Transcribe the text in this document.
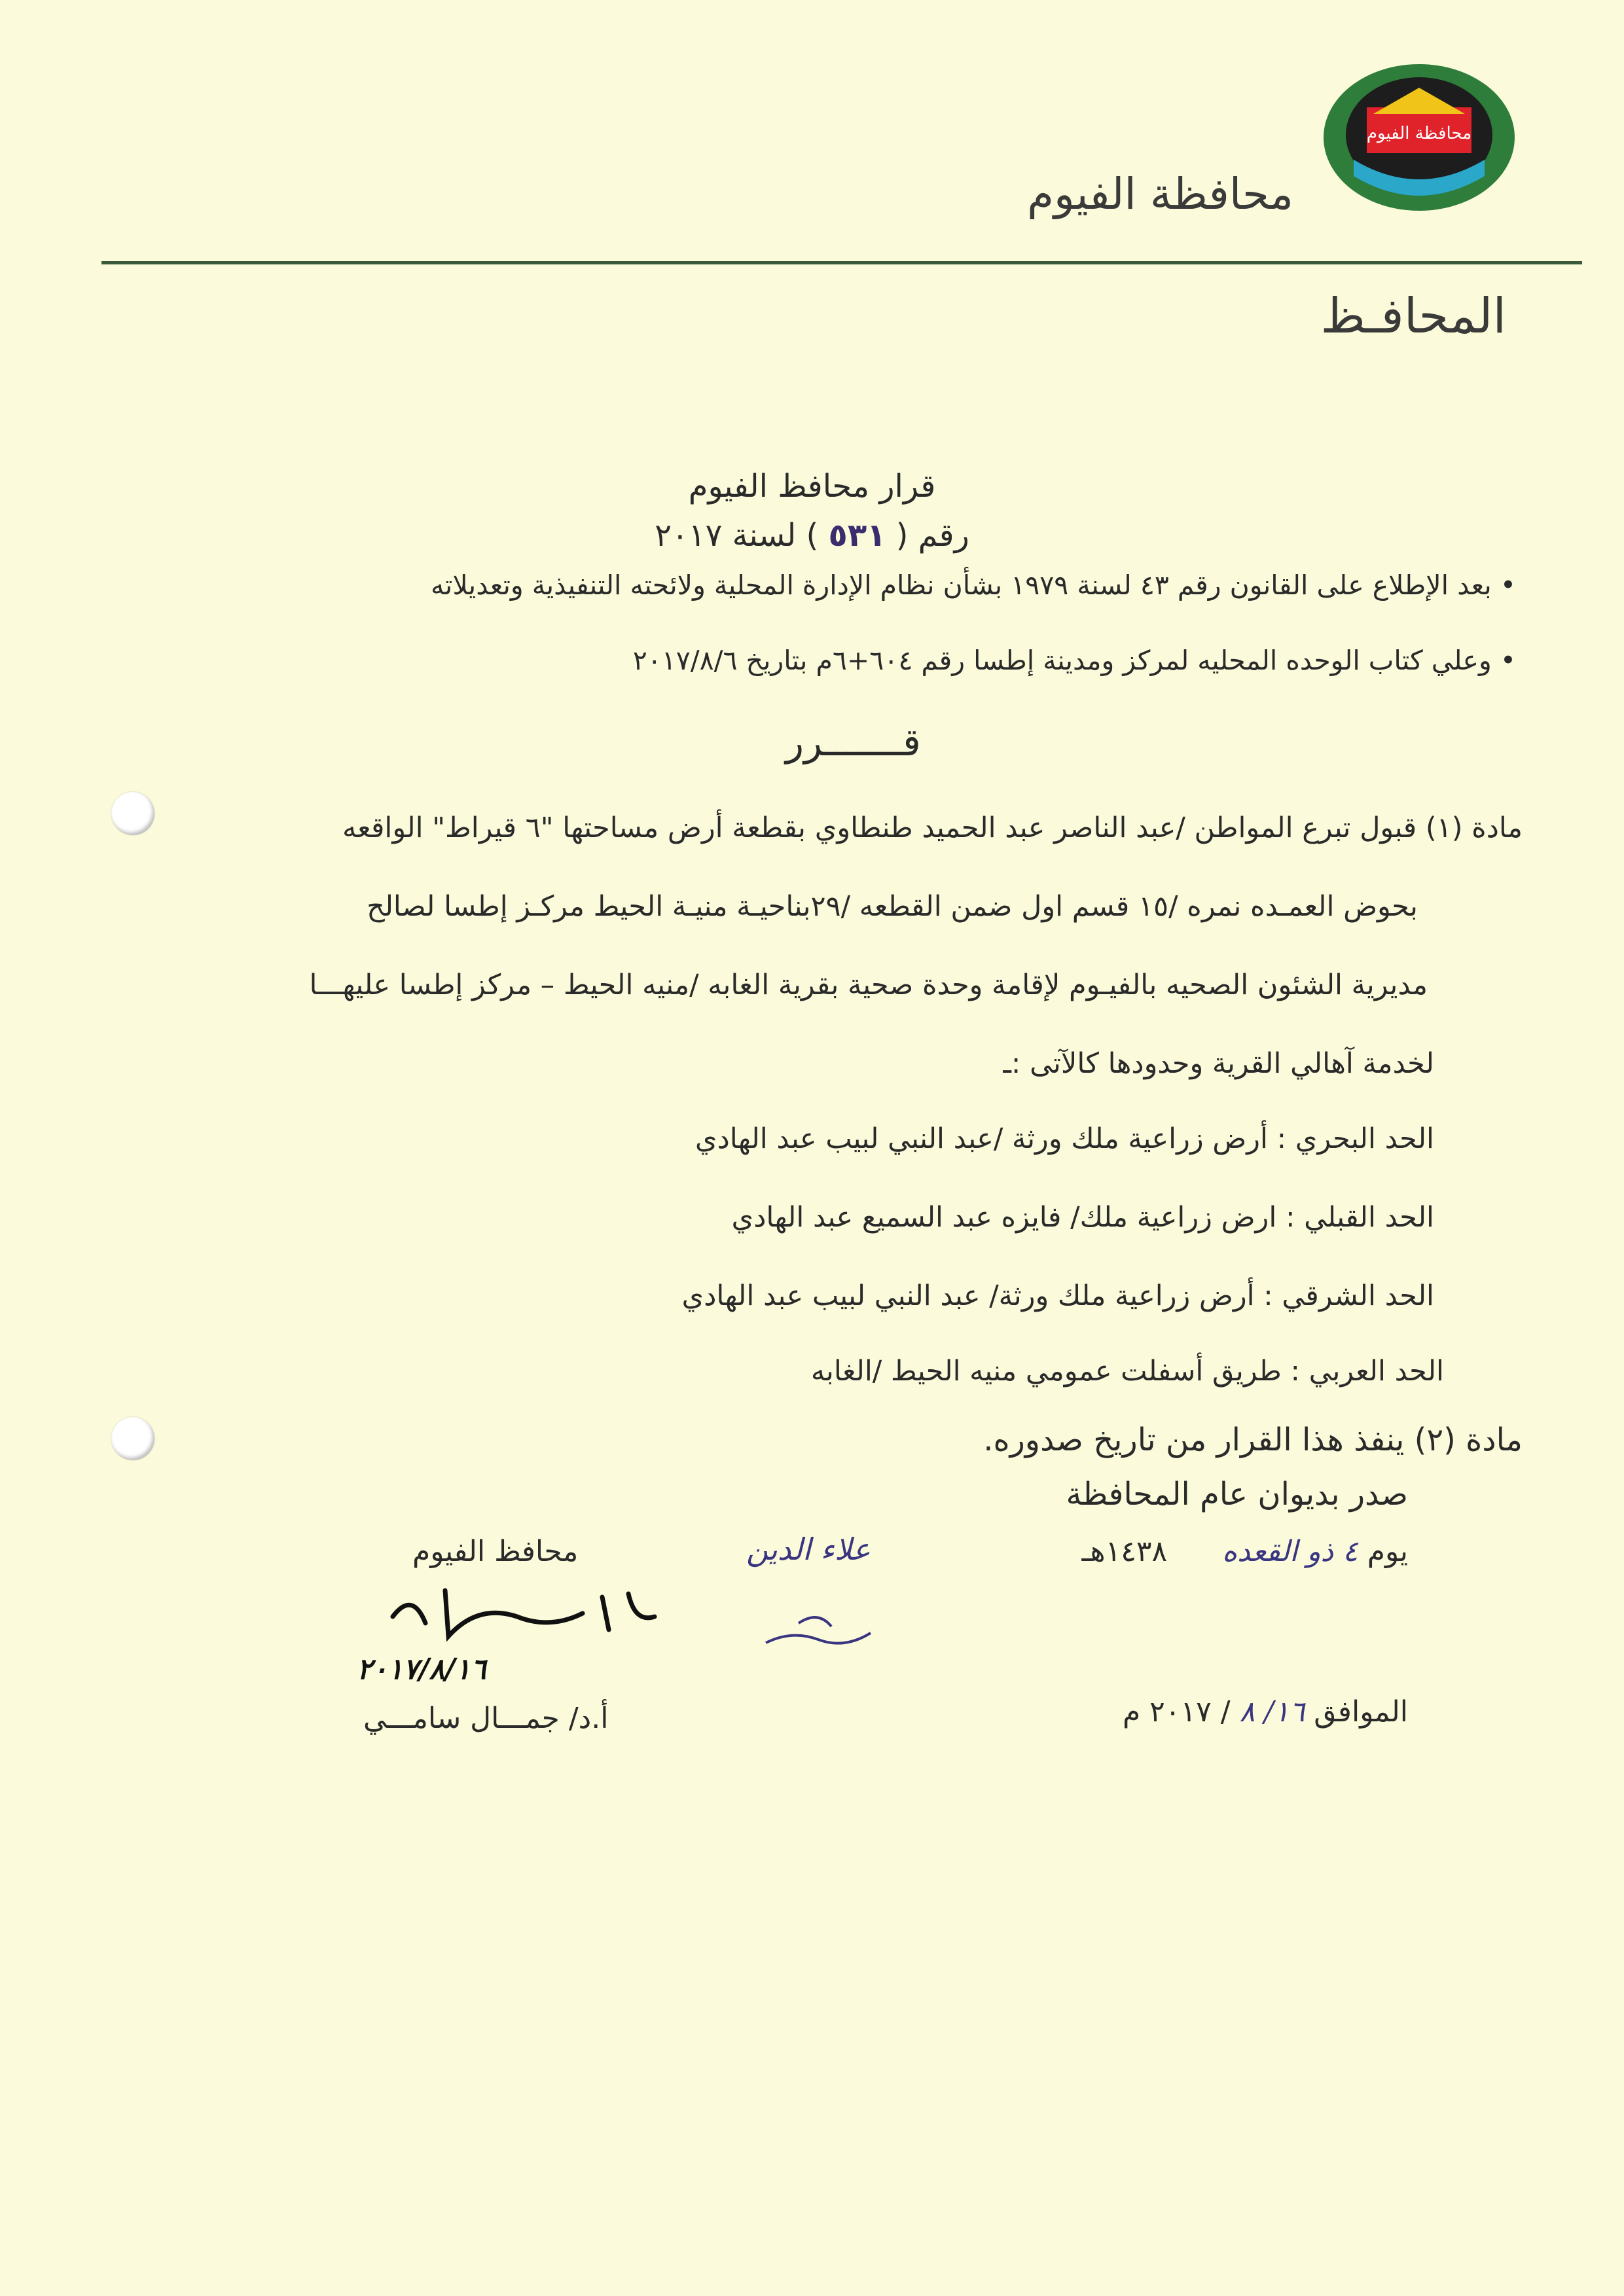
محافظة الفيوم
محافظة الفيوم
المحافـظ
قرار محافظ الفيوم
رقم ( ٥٣١ ) لسنة ٢٠١٧
• بعد الإطلاع على القانون رقم ٤٣ لسنة ١٩٧٩ بشأن نظام الإدارة المحلية ولائحته التنفيذية وتعديلاته
• وعلي كتاب الوحده المحليه لمركز ومدينة إطسا رقم ٦٠٤+٦م بتاريخ ٢٠١٧/٨/٦
قـــــــرر
مادة (١) قبول تبرع المواطن /عبد الناصر عبد الحميد طنطاوي بقطعة أرض مساحتها "٦ قيراط" الواقعه
بحوض العمـده نمره /١٥ قسم اول ضمن القطعه /٢٩بناحيـة منيـة الحيط مركـز إطسا لصالح
مديرية الشئون الصحيه بالفيـوم لإقامة وحدة صحية بقرية الغابه /منيه الحيط – مركز إطسا عليهـــا
لخدمة آهالي القرية وحدودها كالآتى :ـ
الحد البحري : أرض زراعية ملك ورثة /عبد النبي لبيب عبد الهادي
الحد القبلي : ارض زراعية ملك/ فايزه عبد السميع عبد الهادي
الحد الشرقي : أرض زراعية ملك ورثة/ عبد النبي لبيب عبد الهادي
الحد العربي : طريق أسفلت عمومي منيه الحيط /الغابه
مادة (٢) ينفذ هذا القرار من تاريخ صدوره.
صدر بديوان عام المحافظة
يوم ٤ ذو القعده      ١٤٣٨هـ
الموافق ١٦/ ٨ / ٢٠١٧ م
علاء الدين
محافظ الفيوم
٢٠١٧/٨/١٦
أ.د/ جمـــال سامـــي
